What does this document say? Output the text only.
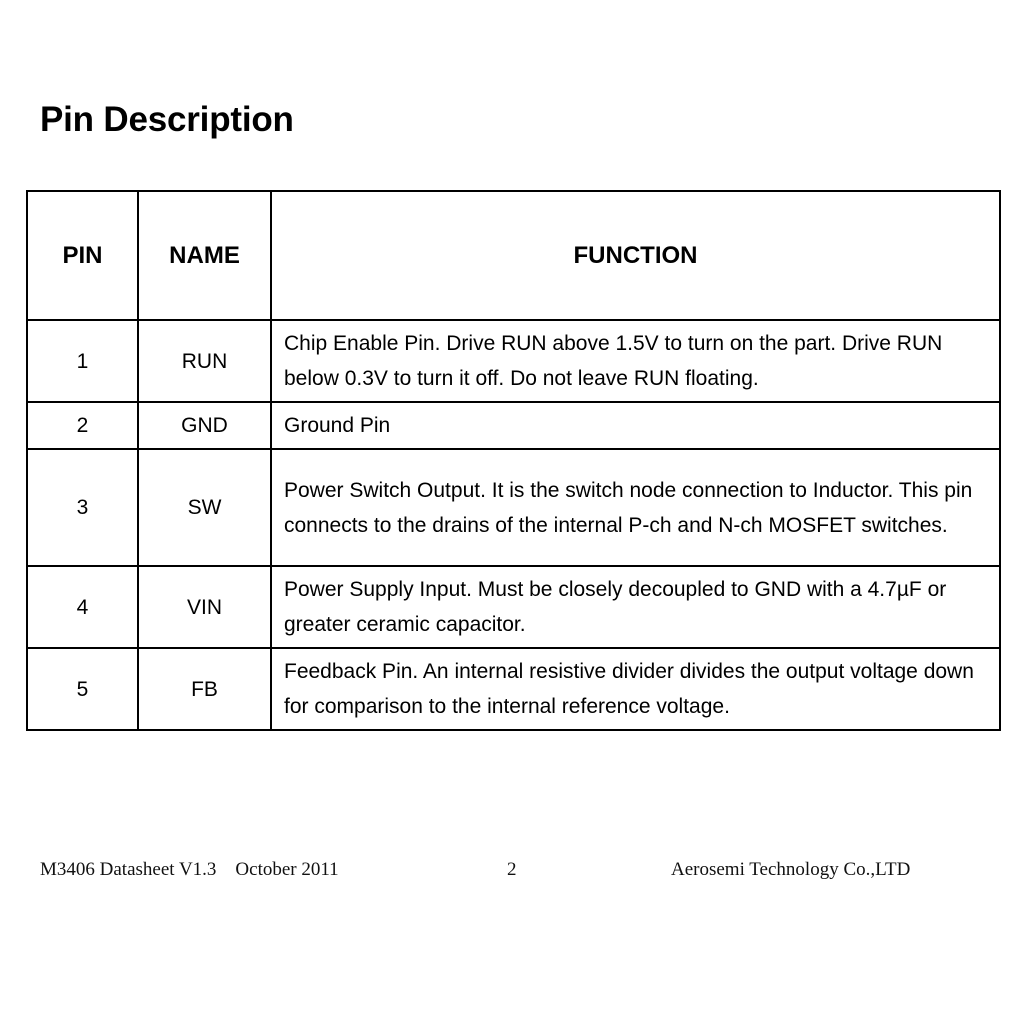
Pin Description
PIN	NAME	FUNCTION
1	RUN	Chip Enable Pin. Drive RUN above 1.5V to turn on the part. Drive RUN below 0.3V to turn it off. Do not leave RUN floating.
2	GND	Ground Pin
3	SW	Power Switch Output. It is the switch node connection to Inductor. This pin connects to the drains of the internal P-ch and N-ch MOSFET switches.
4	VIN	Power Supply Input. Must be closely decoupled to GND with a 4.7µF or greater ceramic capacitor.
5	FB	Feedback Pin. An internal resistive divider divides the output voltage down for comparison to the internal reference voltage.
M3406 Datasheet V1.3    October 2011	2	Aerosemi Technology Co.,LTD
